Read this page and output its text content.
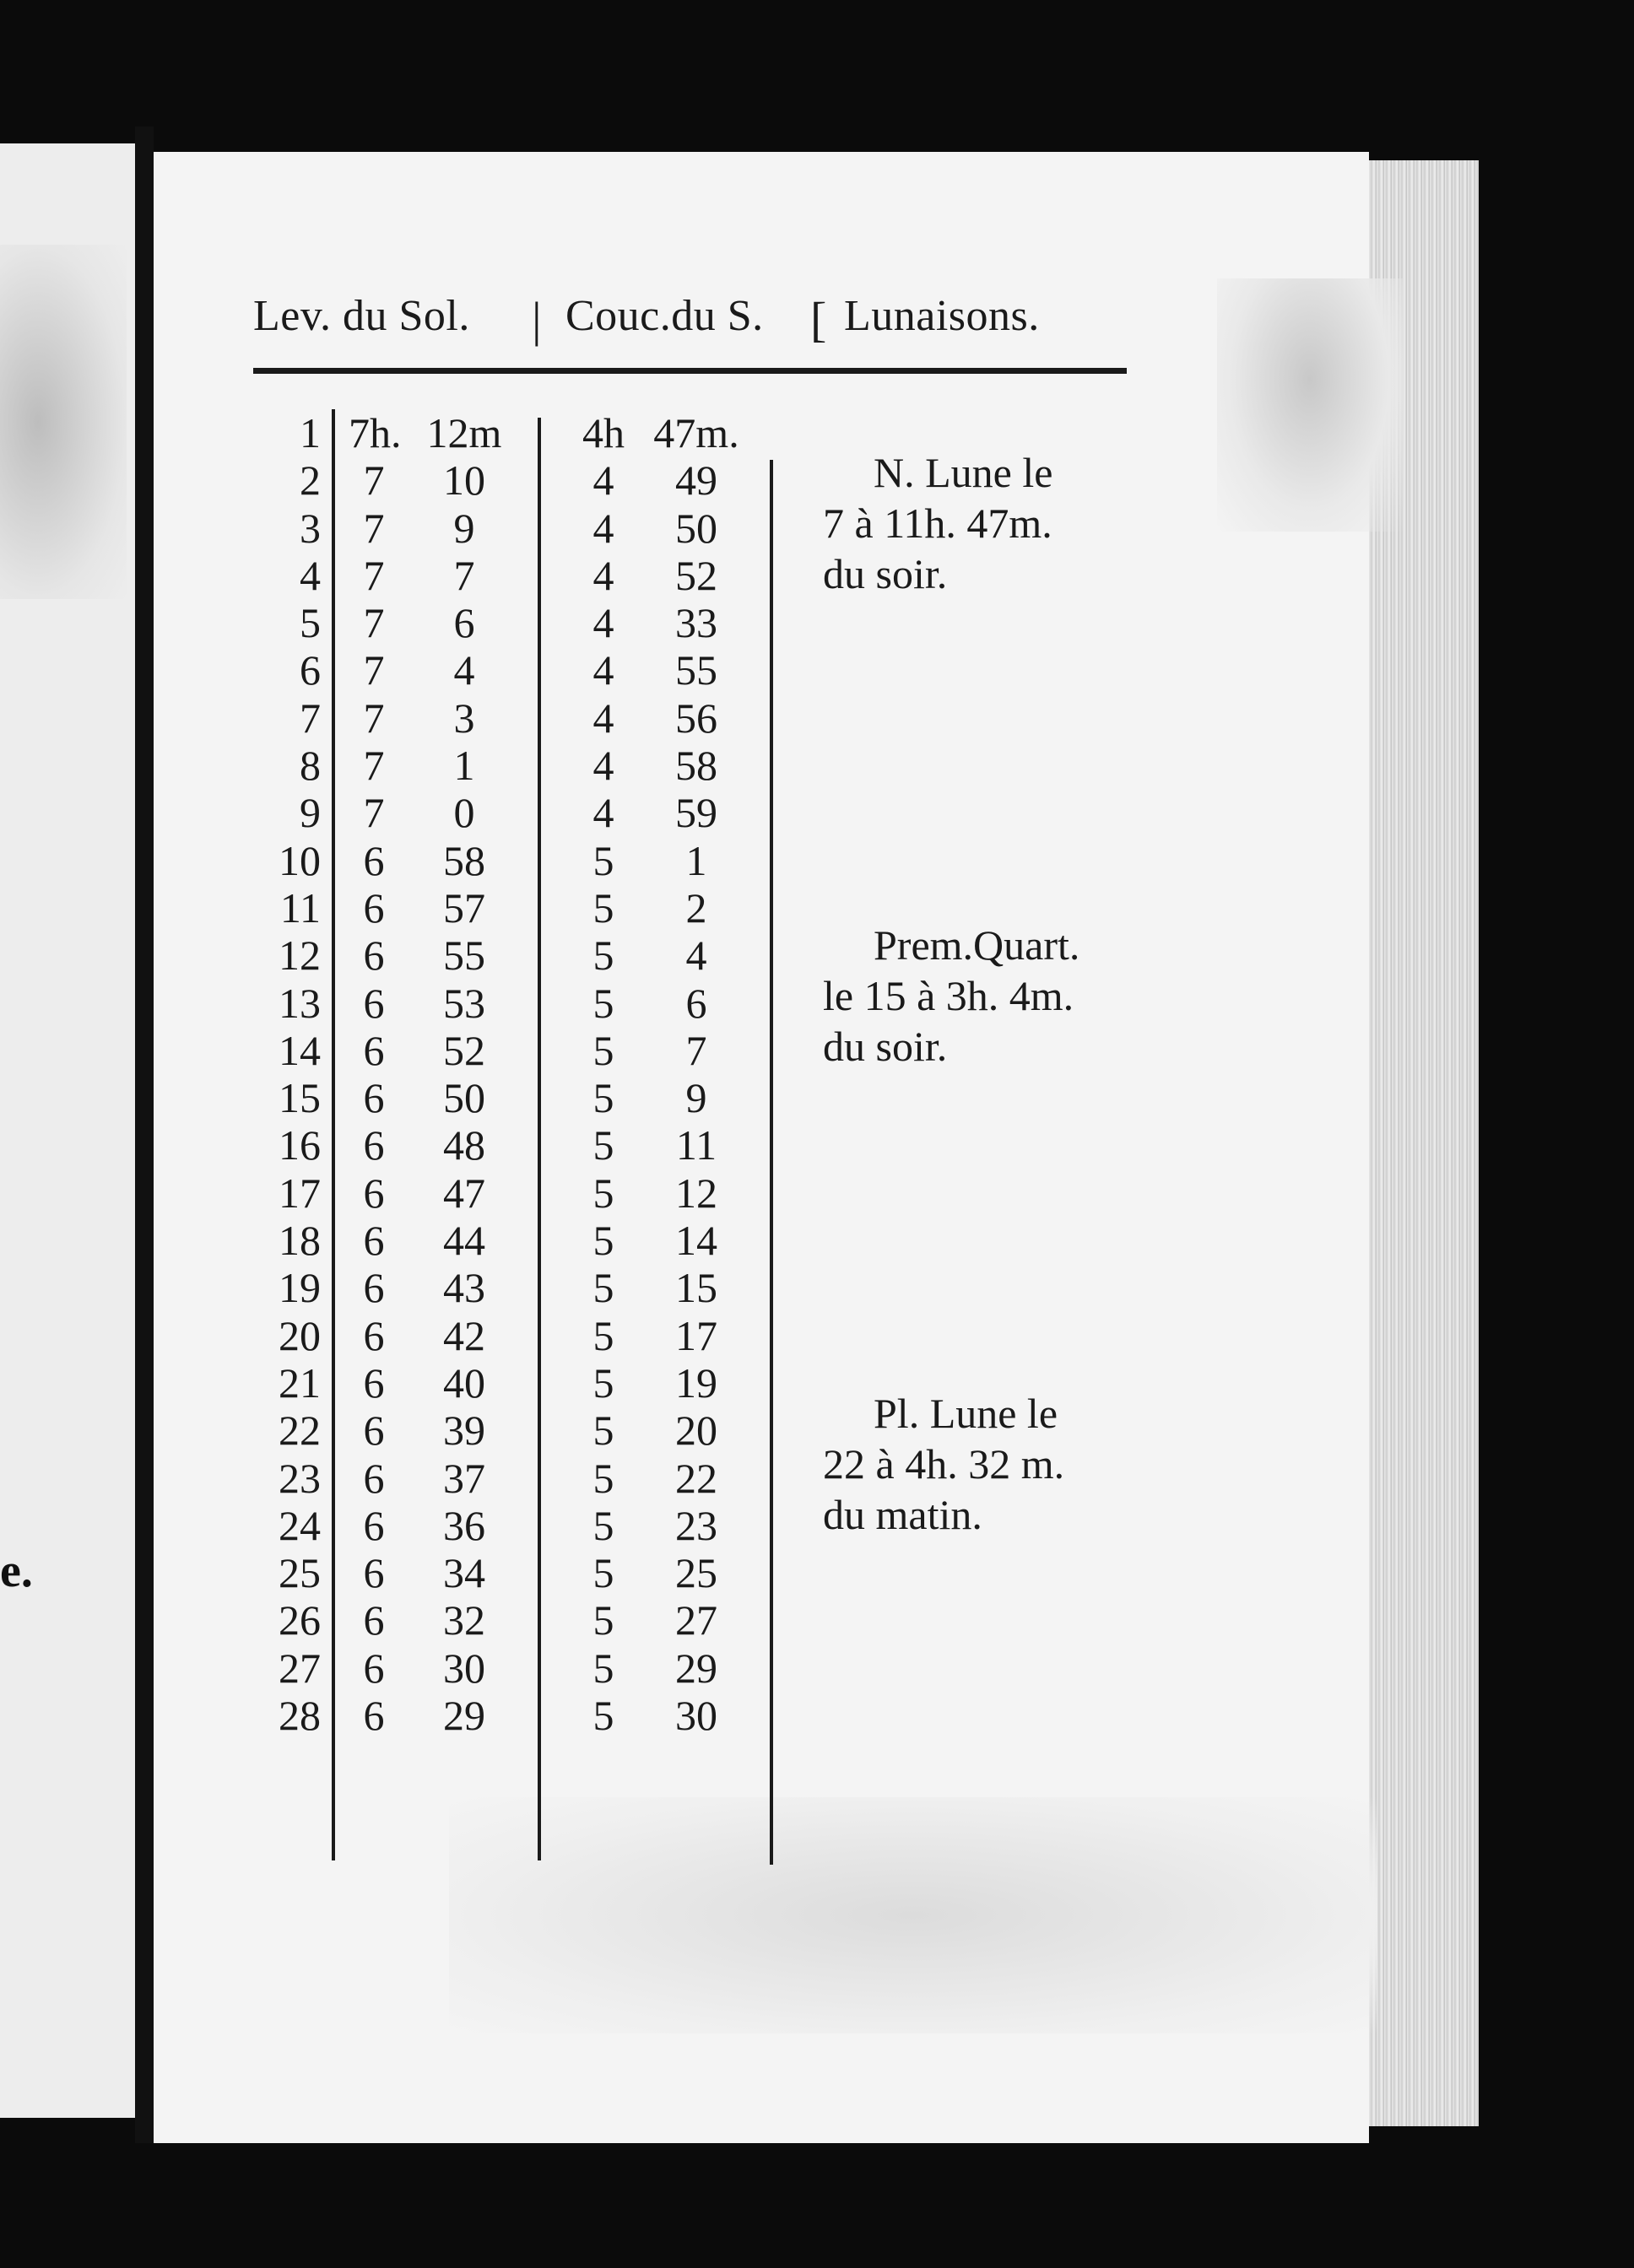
e.
Lev. du Sol. | Couc.du S. [ Lunaisons.
1 7h. 12m	4h 47m.
2	7	10	4	49
3	7	9	4	50
4	7	7	4	52
5	7	6	4	33
6	7	4	4	55
7	7	3	4	56
8	7	1	4	58
9	7	0	4	59
10	6	58	5	1
11	6	57	5	2
12	6	55	5	4
13	6	53	5	6
14	6	52	5	7
15	6	50	5	9
16	6	48	5	11
17	6	47	5	12
18	6	44	5	14
19	6	43	5	15
20	6	42	5	17
21	6	40	5	19
22	6	39	5	20
23	6	37	5	22
24	6	36	5	23
25	6	34	5	25
26	6	32	5	27
27	6	30	5	29
28	6	29	5	30
N. Lune le
7 à 11h. 47m.
du soir.
Prem.Quart.
le 15 à 3h. 4m.
du soir.
Pl. Lune le
22 à 4h. 32 m.
du matin.
